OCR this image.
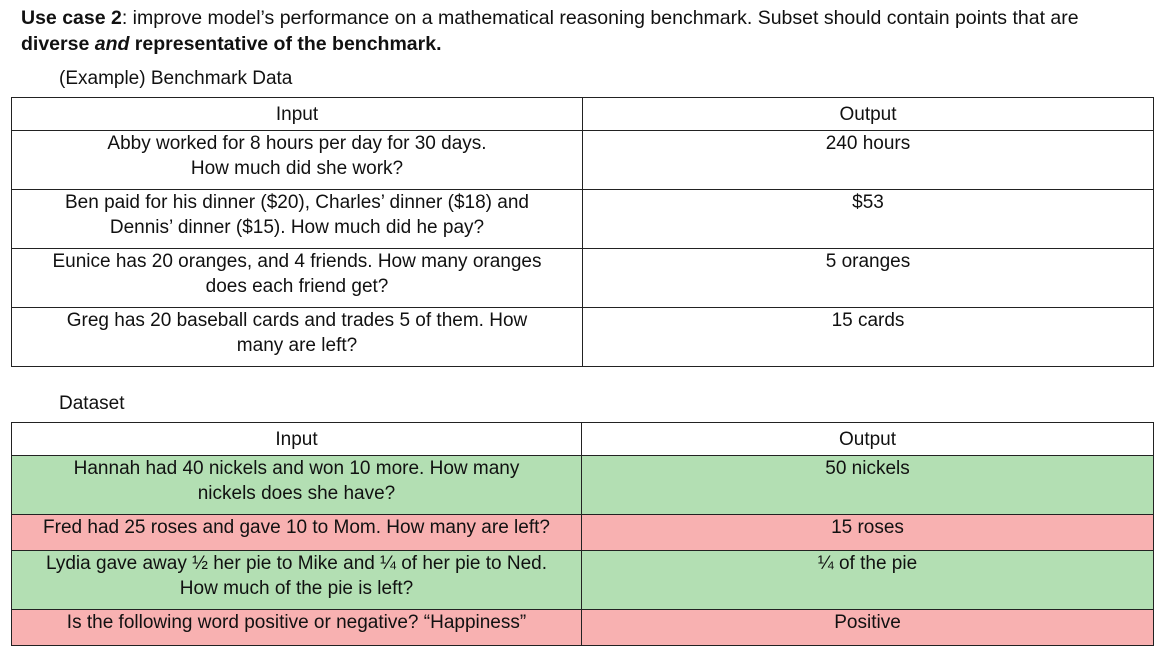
Use case 2: improve model’s performance on a mathematical reasoning benchmark. Subset should contain points that are diverse and representative of the benchmark.
(Example) Benchmark Data
Input	Output
Abby worked for 8 hours per day for 30 days.
How much did she work?	240 hours
Ben paid for his dinner ($20), Charles’ dinner ($18) and
Dennis’ dinner ($15). How much did he pay?	$53
Eunice has 20 oranges, and 4 friends. How many oranges
does each friend get?	5 oranges
Greg has 20 baseball cards and trades 5 of them. How
many are left?	15 cards
Dataset
Input	Output
Hannah had 40 nickels and won 10 more. How many
nickels does she have?	50 nickels
Fred had 25 roses and gave 10 to Mom. How many are left?	15 roses
Lydia gave away ½ her pie to Mike and ¼ of her pie to Ned.
How much of the pie is left?	¼ of the pie
Is the following word positive or negative? “Happiness”	Positive
